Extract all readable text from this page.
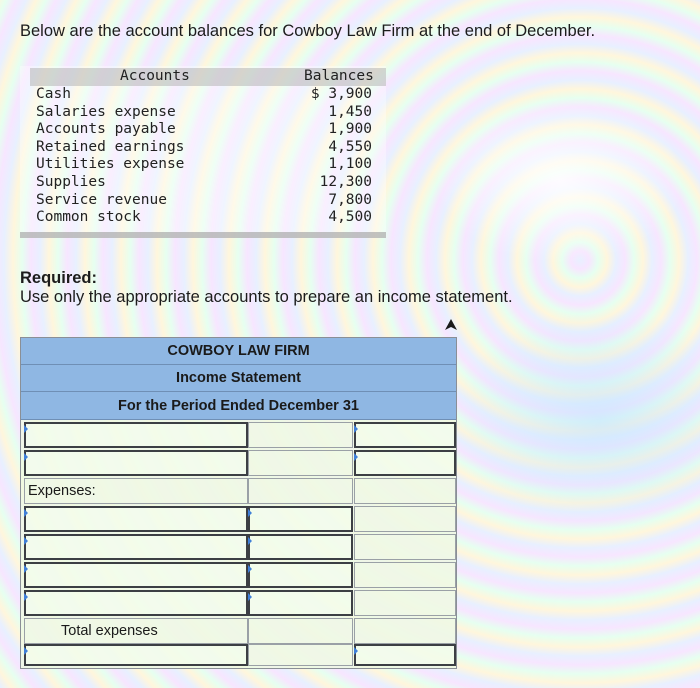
Below are the account balances for Cowboy Law Firm at the end of December.
Accounts	Balances
Cash
Salaries expense
Accounts payable
Retained earnings
Utilities expense
Supplies
Service revenue
Common stock
$ 3,900
1,450
1,900
4,550
1,100
12,300
7,800
4,500
Required:
Use only the appropriate accounts to prepare an income statement.
COWBOY LAW FIRM
Income Statement
For the Period Ended December 31
Expenses:
Total expenses
